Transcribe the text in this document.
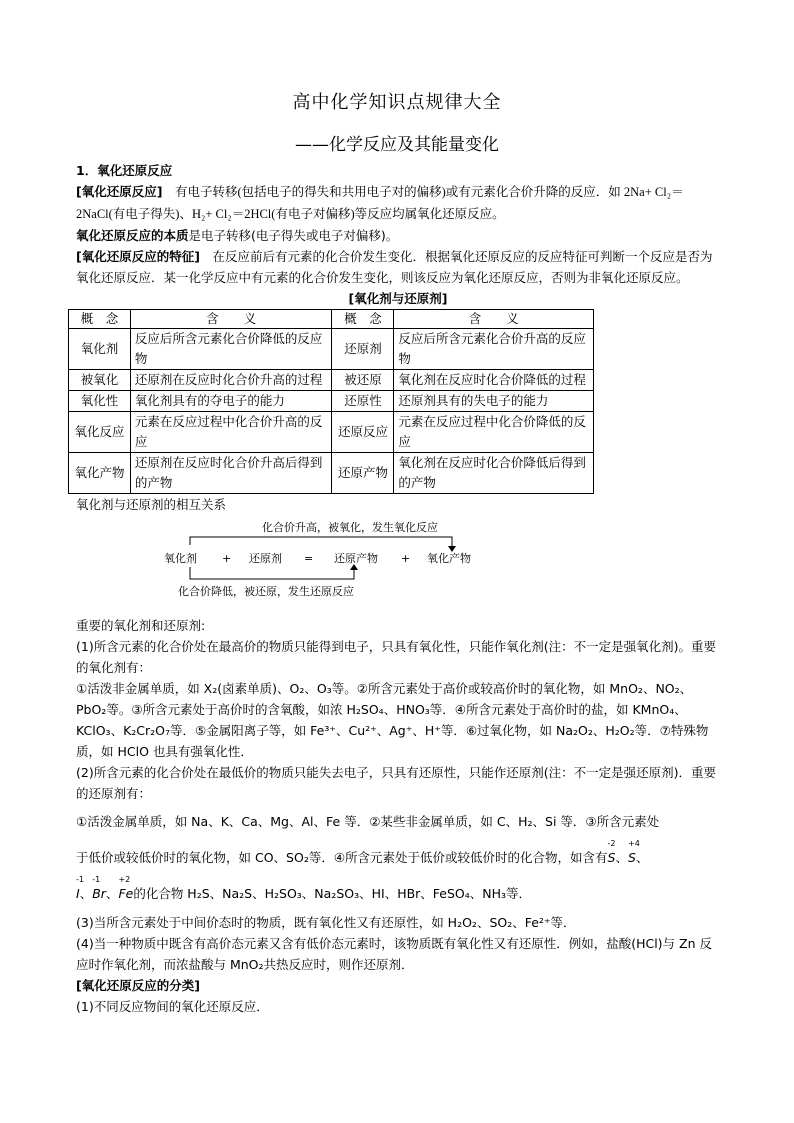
高中化学知识点规律大全
——化学反应及其能量变化

1．氧化还原反应

[氧化还原反应]　 有电子转移(包括电子的得失和共用电子对的偏移)或有元素化合价升降的反应．如 2Na+ Cl₂＝2NaCl(有电子得失)、H₂+ Cl₂＝2HCl(有电子对偏移)等反应均属氧化还原反应。

氧化还原反应的本质是电子转移(电子得失或电子对偏移)。

[氧化还原反应的特征]　 在反应前后有元素的化合价发生变化．根据氧化还原反应的反应特征可判断一个反应是否为氧化还原反应．某一化学反应中有元素的化合价发生变化，则该反应为氧化还原反应，否则为非氧化还原反应。

[氧化剂与还原剂]

概　念	含　　义	概　念	含　　义
氧化剂	反应后所含元素化合价降低的反应物	还原剂	反应后所含元素化合价升高的反应物
被氧化	还原剂在反应时化合价升高的过程	被还原	氧化剂在反应时化合价降低的过程
氧化性	氧化剂具有的夺电子的能力	还原性	还原剂具有的失电子的能力
氧化反应	元素在反应过程中化合价升高的反应	还原反应	元素在反应过程中化合价降低的反应
氧化产物	还原剂在反应时化合价升高后得到的产物	还原产物	氧化剂在反应时化合价降低后得到的产物

氧化剂与还原剂的相互关系

化合价升高，被氧化，发生氧化反应
氧化剂 + 还原剂 = 还原产物 + 氧化产物
化合价降低，被还原，发生还原反应

重要的氧化剂和还原剂:

(1)所含元素的化合价处在最高价的物质只能得到电子，只具有氧化性，只能作氧化剂(注：不一定是强氧化剂)。重要的氧化剂有：

①活泼非金属单质，如 X₂(卤素单质)、O₂、O₃等。②所含元素处于高价或较高价时的氧化物，如 MnO₂、NO₂、PbO₂等。③所含元素处于高价时的含氧酸，如浓 H₂SO₄、HNO₃等．④所含元素处于高价时的盐，如 KMnO₄、KClO₃、K₂Cr₂O₇等．⑤金属阳离子等，如 Fe³⁺、Cu²⁺、Ag⁺、H⁺等．⑥过氧化物，如 Na₂O₂、H₂O₂等．⑦特殊物质，如 HClO 也具有强氧化性．

(2)所含元素的化合价处在最低价的物质只能失去电子，只具有还原性，只能作还原剂(注：不一定是强还原剂)．重要的还原剂有：

①活泼金属单质，如 Na、K、Ca、Mg、Al、Fe 等．②某些非金属单质，如 C、H₂、Si 等．③所含元素处

于低价或较低价时的氧化物，如 CO、SO₂等．④所含元素处于低价或较低价时的化合物，如含有
-2
S、
+4
S、

-1
I、
-1
Br、
+2
Fe的化合物 H₂S、Na₂S、H₂SO₃、Na₂SO₃、HI、HBr、FeSO₄、NH₃等．

(3)当所含元素处于中间价态时的物质，既有氧化性又有还原性，如 H₂O₂、SO₂、Fe²⁺等．

(4)当一种物质中既含有高价态元素又含有低价态元素时，该物质既有氧化性又有还原性．例如，盐酸(HCl)与 Zn 反应时作氧化剂，而浓盐酸与 MnO₂共热反应时，则作还原剂．

[氧化还原反应的分类]

(1)不同反应物间的氧化还原反应．
